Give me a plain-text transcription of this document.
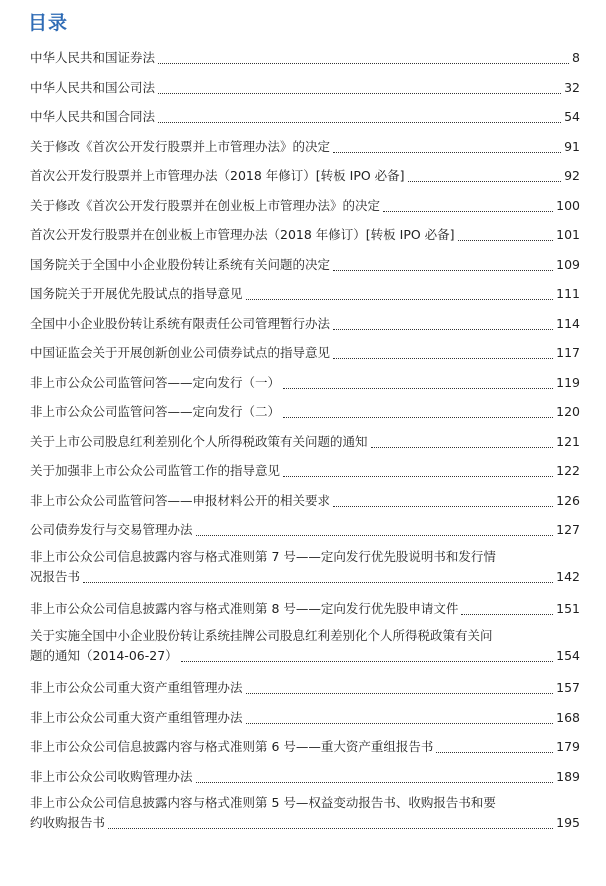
目录
中华人民共和国证券法	8
中华人民共和国公司法	32
中华人民共和国合同法	54
关于修改《首次公开发行股票并上市管理办法》的决定	91
首次公开发行股票并上市管理办法（2018 年修订）[转板 IPO 必备]	92
关于修改《首次公开发行股票并在创业板上市管理办法》的决定	100
首次公开发行股票并在创业板上市管理办法（2018 年修订）[转板 IPO 必备]	101
国务院关于全国中小企业股份转让系统有关问题的决定	109
国务院关于开展优先股试点的指导意见	111
全国中小企业股份转让系统有限责任公司管理暂行办法	114
中国证监会关于开展创新创业公司债券试点的指导意见	117
非上市公众公司监管问答——定向发行（一）	119
非上市公众公司监管问答——定向发行（二）	120
关于上市公司股息红利差别化个人所得税政策有关问题的通知	121
关于加强非上市公众公司监管工作的指导意见	122
非上市公众公司监管问答——申报材料公开的相关要求	126
公司债券发行与交易管理办法	127
非上市公众公司信息披露内容与格式准则第 7 号——定向发行优先股说明书和发行情
况报告书	142
非上市公众公司信息披露内容与格式准则第 8 号——定向发行优先股申请文件	151
关于实施全国中小企业股份转让系统挂牌公司股息红利差别化个人所得税政策有关问
题的通知（2014-06-27）	154
非上市公众公司重大资产重组管理办法	157
非上市公众公司重大资产重组管理办法	168
非上市公众公司信息披露内容与格式准则第 6 号——重大资产重组报告书	179
非上市公众公司收购管理办法	189
非上市公众公司信息披露内容与格式准则第 5 号—权益变动报告书、收购报告书和要
约收购报告书	195
